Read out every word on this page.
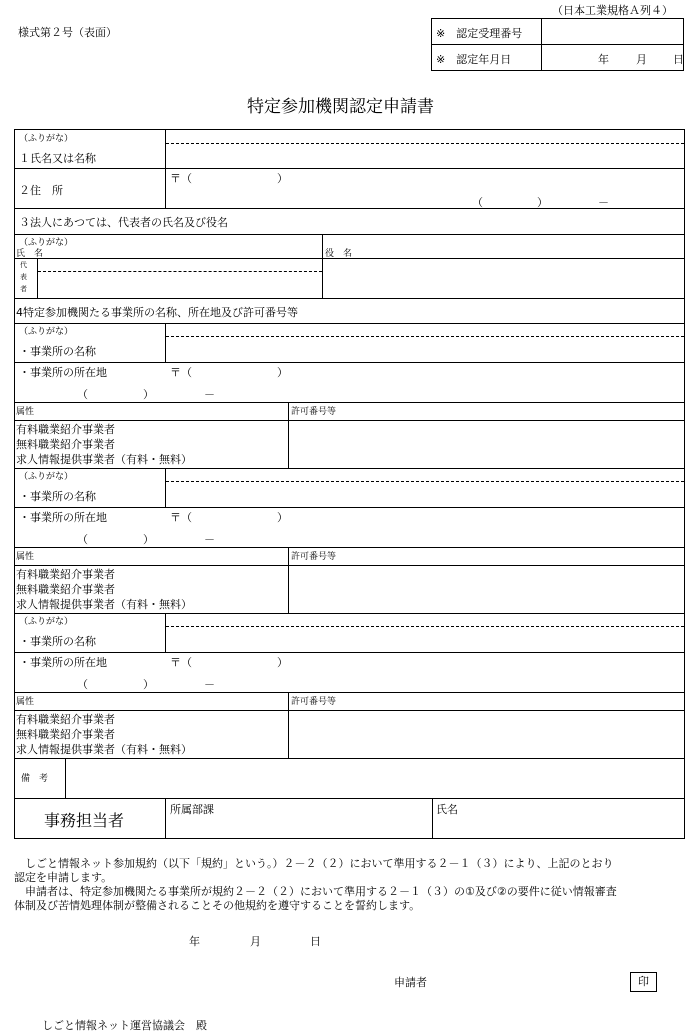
様式第２号（表面）
（日本工業規格Ａ列４）
※　認定受理番号
※　認定年月日	年 月 日
特定参加機関認定申請書
（ふりがな）
１氏名又は名称
２住　所
〒（	）
（	）	－
３法人にあつては、代表者の氏名及び役名
（ふりがな）
氏　名	役　名
代
表
者
4特定参加機関たる事業所の名称、所在地及び許可番号等
（ふりがな）
・事業所の名称
・事業所の所在地	〒（	）
（	）	－
属性	許可番号等
有料職業紹介事業者
無料職業紹介事業者
求人情報提供事業者（有料・無料）
（ふりがな）
・事業所の名称
・事業所の所在地	〒（	）
（	）	－
属性	許可番号等
有料職業紹介事業者
無料職業紹介事業者
求人情報提供事業者（有料・無料）
（ふりがな）
・事業所の名称
・事業所の所在地	〒（	）
（	）	－
属性	許可番号等
有料職業紹介事業者
無料職業紹介事業者
求人情報提供事業者（有料・無料）
備　考
事務担当者
所属部課	氏名
　しごと情報ネット参加規約（以下「規約」という。）２－２（２）において準用する２－１（３）により、上記のとおり
認定を申請します。
　申請者は、特定参加機関たる事業所が規約２－２（２）において準用する２－１（３）の①及び②の要件に従い情報審査
体制及び苦情処理体制が整備されることその他規約を遵守することを誓約します。
年	月	日
申請者	印
しごと情報ネット運営協議会　殿
